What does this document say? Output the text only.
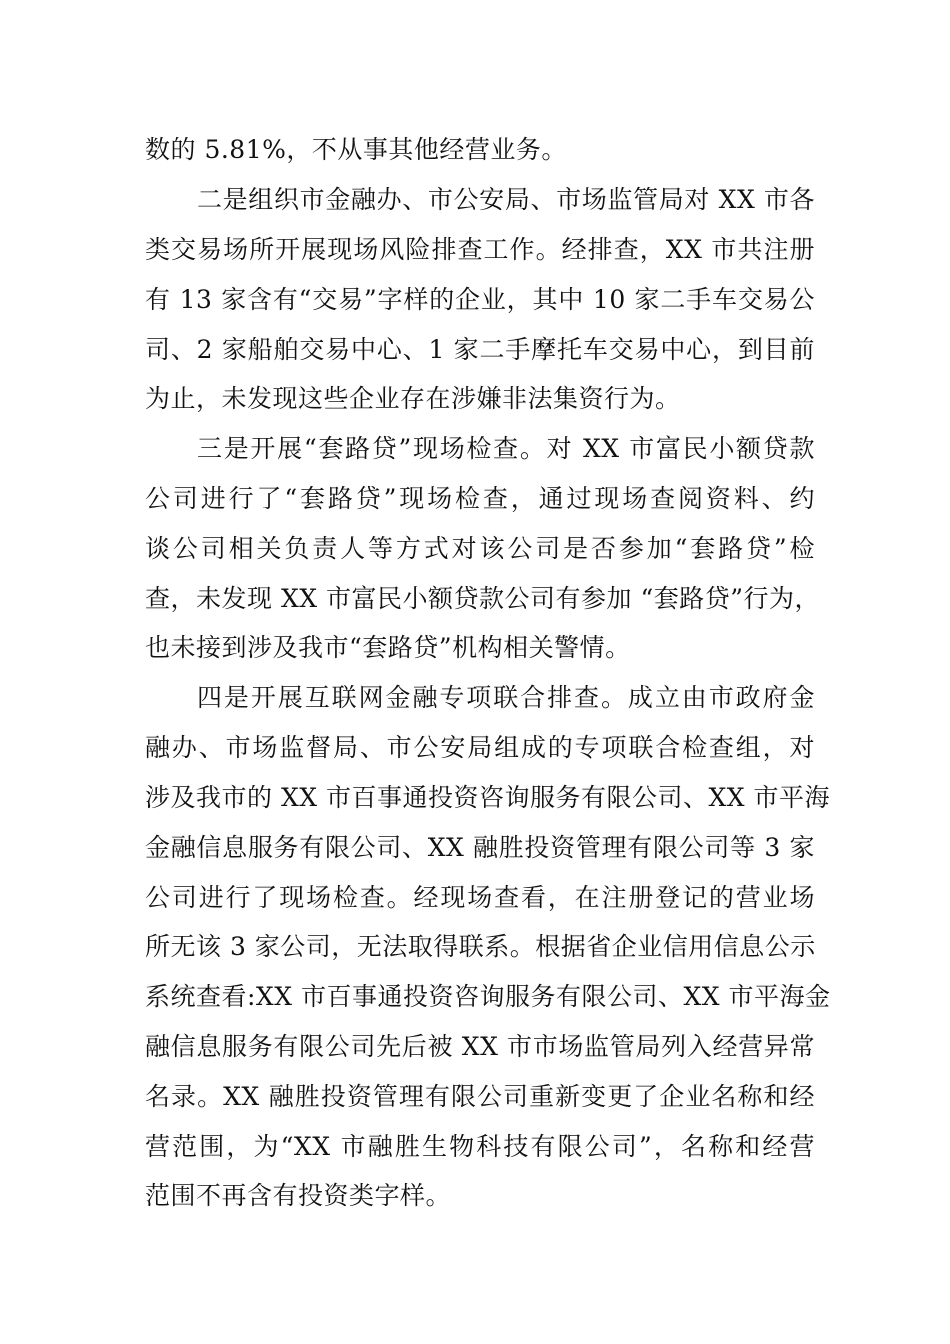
数的 5.81%，不从事其他经营业务。
二是组织市金融办、市公安局、市场监管局对 XX 市各
类交易场所开展现场风险排查工作。经排查，XX 市共注册
有 13 家含有“交易”字样的企业，其中 10 家二手车交易公
司、2 家船舶交易中心、1 家二手摩托车交易中心，到目前
为止，未发现这些企业存在涉嫌非法集资行为。
三是开展“套路贷”现场检查。对 XX 市富民小额贷款
公司进行了“套路贷”现场检查，通过现场查阅资料、约
谈公司相关负责人等方式对该公司是否参加“套路贷”检
查，未发现 XX 市富民小额贷款公司有参加 “套路贷”行为，
也未接到涉及我市“套路贷”机构相关警情。
四是开展互联网金融专项联合排查。成立由市政府金
融办、市场监督局、市公安局组成的专项联合检查组，对
涉及我市的 XX 市百事通投资咨询服务有限公司、XX 市平海
金融信息服务有限公司、XX 融胜投资管理有限公司等 3 家
公司进行了现场检查。经现场查看，在注册登记的营业场
所无该 3 家公司，无法取得联系。根据省企业信用信息公示
系统查看:XX 市百事通投资咨询服务有限公司、XX 市平海金
融信息服务有限公司先后被 XX 市市场监管局列入经营异常
名录。XX 融胜投资管理有限公司重新变更了企业名称和经
营范围，为“XX 市融胜生物科技有限公司”，名称和经营
范围不再含有投资类字样。
